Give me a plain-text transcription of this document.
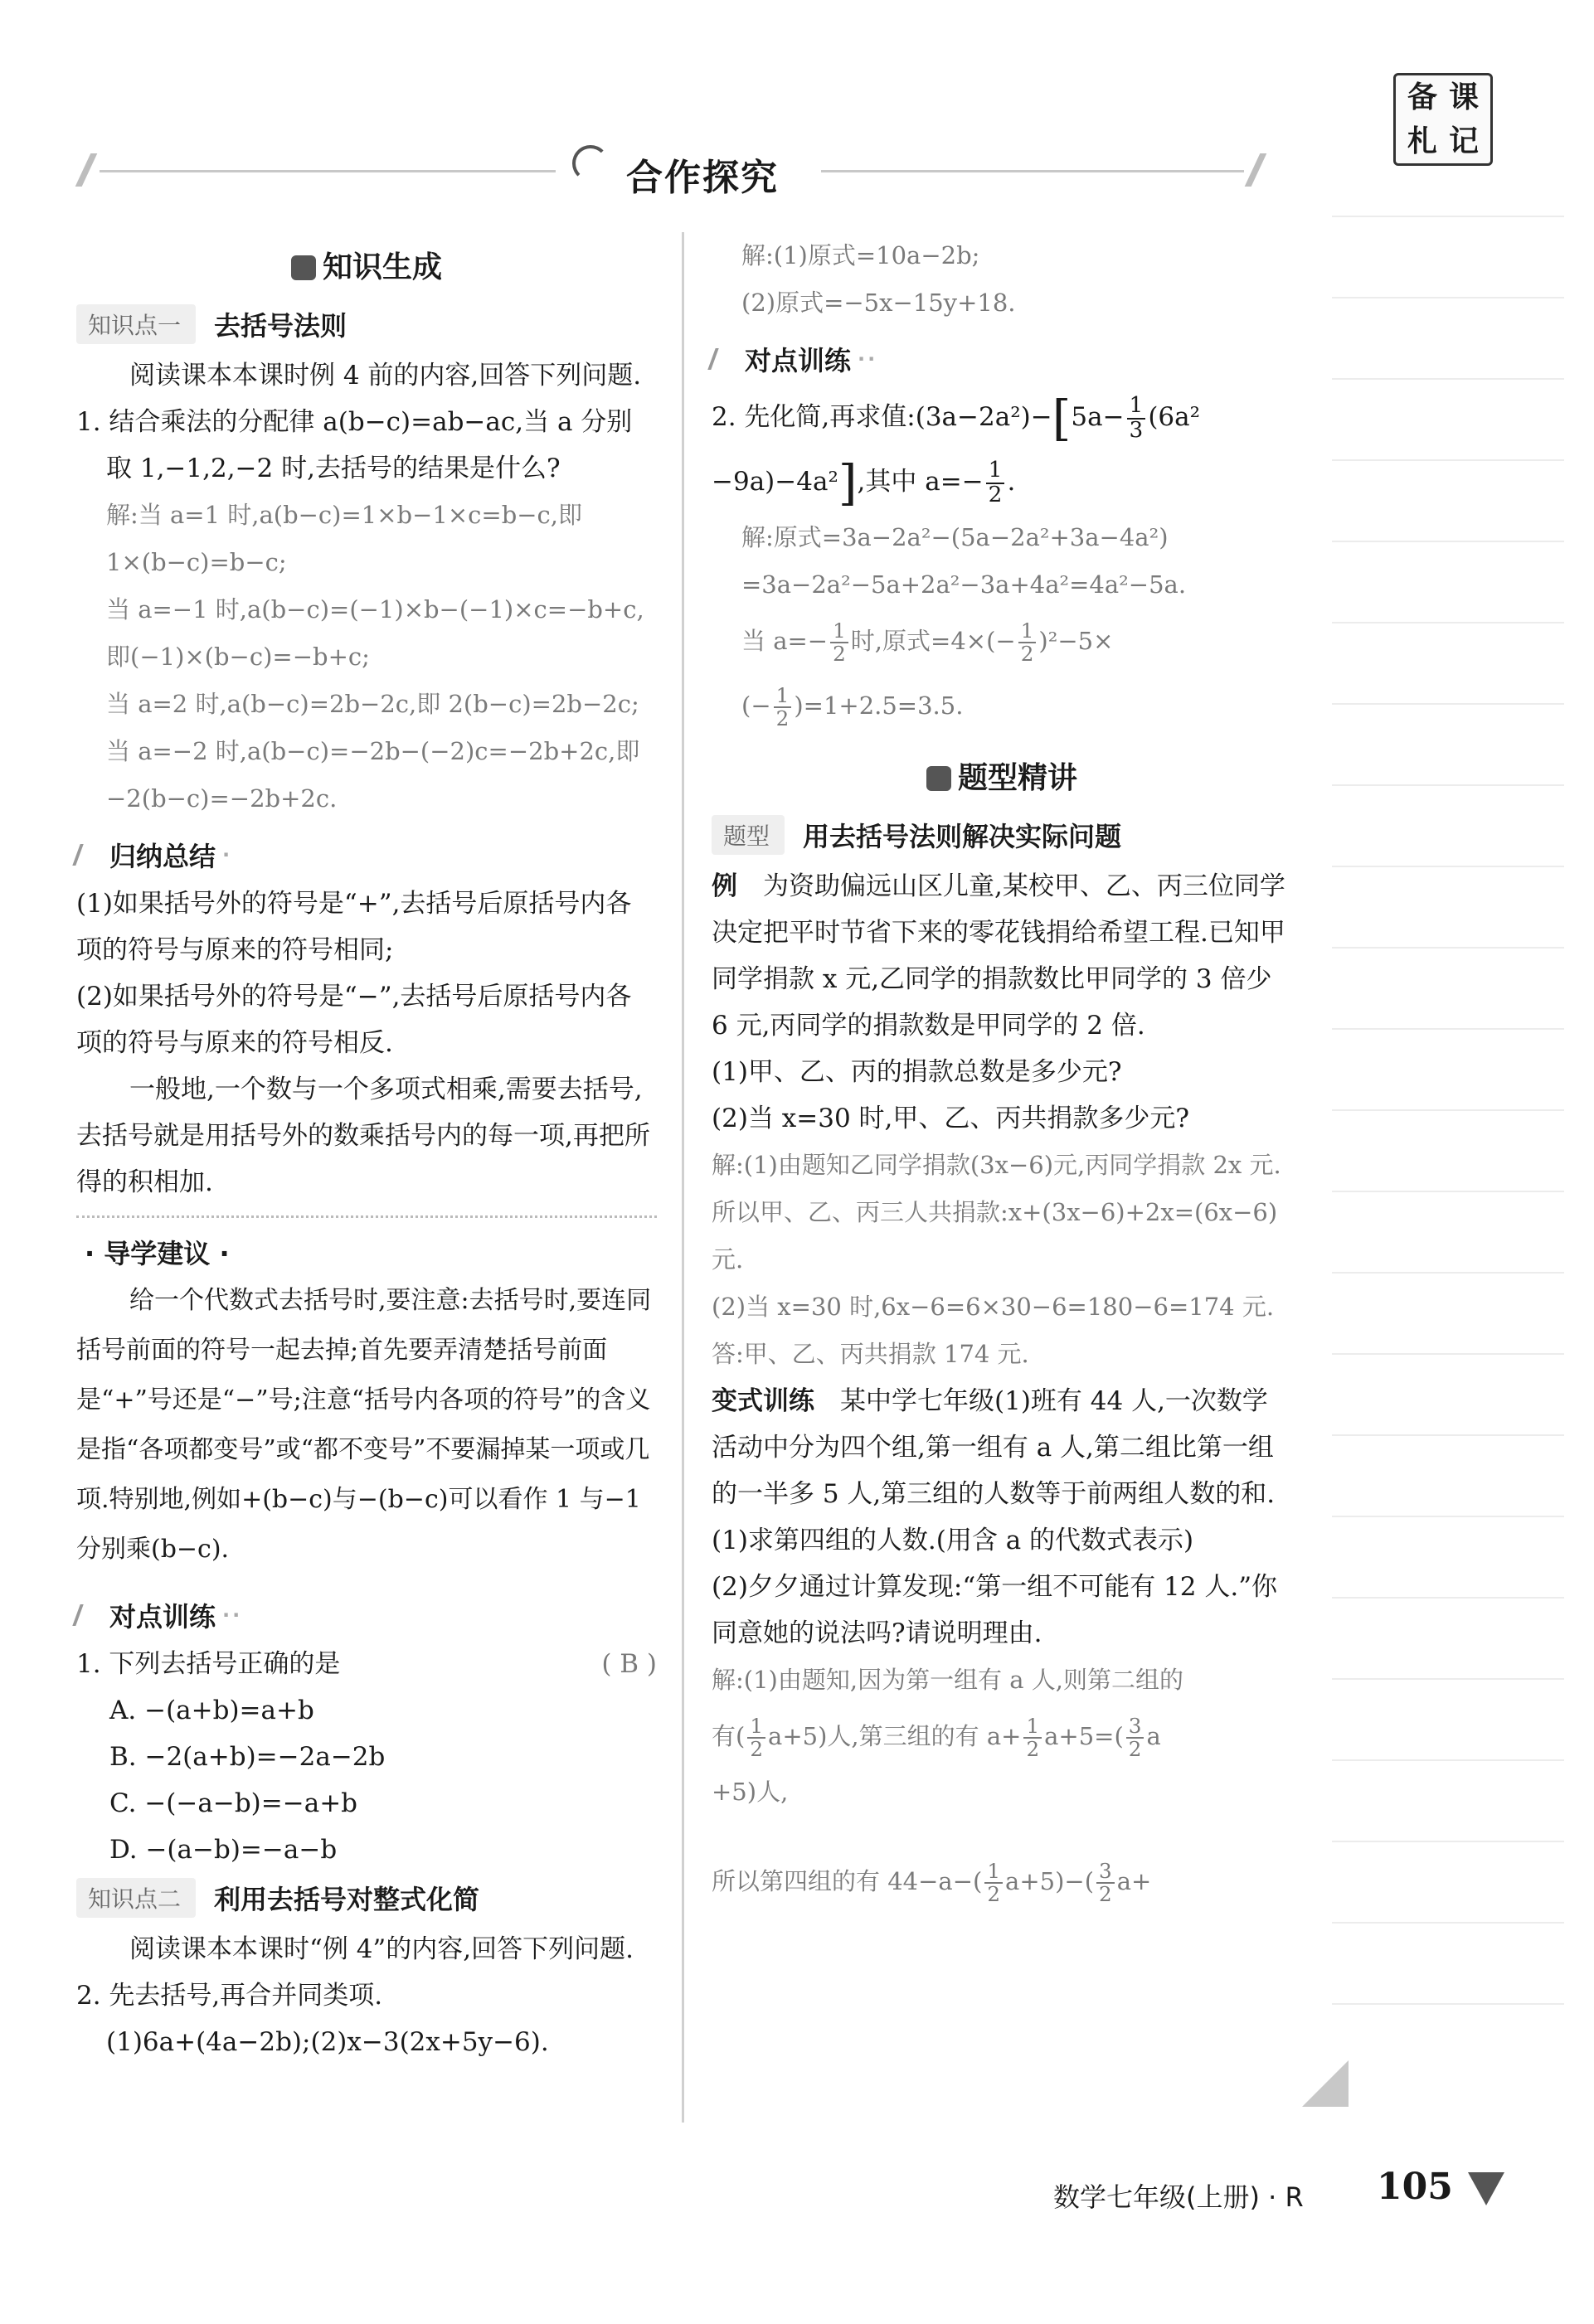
合作探究
备 课
札 记
知识生成
知识点一	去括号法则

阅读课本本课时例 4 前的内容,回答下列问题.

1. 结合乘法的分配律 a(b−c)=ab−ac,当 a 分别取 1,−1,2,−2 时,去括号的结果是什么?

解:当 a=1 时,a(b−c)=1×b−1×c=b−c,即 1×(b−c)=b−c;

当 a=−1 时,a(b−c)=(−1)×b−(−1)×c=−b+c,即(−1)×(b−c)=−b+c;

当 a=2 时,a(b−c)=2b−2c,即 2(b−c)=2b−2c;

当 a=−2 时,a(b−c)=−2b−(−2)c=−2b+2c,即−2(b−c)=−2b+2c.

归纳总结 ·

(1)如果括号外的符号是“+”,去括号后原括号内各项的符号与原来的符号相同;

(2)如果括号外的符号是“−”,去括号后原括号内各项的符号与原来的符号相反.

一般地,一个数与一个多项式相乘,需要去括号,去括号就是用括号外的数乘括号内的每一项,再把所得的积相加.

· 导学建议 ·

给一个代数式去括号时,要注意:去括号时,要连同括号前面的符号一起去掉;首先要弄清楚括号前面是“+”号还是“−”号;注意“括号内各项的符号”的含义是指“各项都变号”或“都不变号”不要漏掉某一项或几项.特别地,例如+(b−c)与−(b−c)可以看作 1 与−1 分别乘(b−c).

对点训练 ··
1. 下列去括号正确的是	( B )

A. −(a+b)=a+b

B. −2(a+b)=−2a−2b

C. −(−a−b)=−a+b

D. −(a−b)=−a−b

知识点二	利用去括号对整式化简

阅读课本本课时“例 4”的内容,回答下列问题.

2. 先去括号,再合并同类项.

(1)6a+(4a−2b);(2)x−3(2x+5y−6).

解:(1)原式=10a−2b;

(2)原式=−5x−15y+18.

对点训练 ··

2. 先化简,再求值:(3a−2a²)−[5a− $\frac{1}{3} (6a^2$

−9a)−4a²],其中 $a=- \frac{1}{2}$ .

解:原式=3a−2a²−(5a−2a²+3a−4a²)

=3a−2a²−5a+2a²−3a+4a²=4a²−5a.

当 $a=- \frac{1}{2}$ 时,原式$=4\times(- \frac{1}{2} )^2-5\times$

(− $\frac{1}{2} )=1+2.5=3.5$.

题型精讲
题型	用去括号法则解决实际问题

例　 为资助偏远山区儿童,某校甲、乙、丙三位同学决定把平时节省下来的零花钱捐给希望工程.已知甲同学捐款 x 元,乙同学的捐款数比甲同学的 3 倍少 6 元,丙同学的捐款数是甲同学的 2 倍.

(1)甲、乙、丙的捐款总数是多少元?

(2)当 x=30 时,甲、乙、丙共捐款多少元?

解:(1)由题知乙同学捐款(3x−6)元,丙同学捐款 2x 元.所以甲、乙、丙三人共捐款:x+(3x−6)+2x=(6x−6)元.

(2)当 x=30 时,6x−6=6×30−6=180−6=174 元.

答:甲、乙、丙共捐款 174 元.

变式训练　 某中学七年级(1)班有 44 人,一次数学活动中分为四个组,第一组有 a 人,第二组比第一组的一半多 5 人,第三组的人数等于前两组人数的和.

(1)求第四组的人数.(用含 a 的代数式表示)

(2)夕夕通过计算发现:“第一组不可能有 12 人.”你同意她的说法吗?请说明理由.

解:(1)由题知,因为第一组有 a 人,则第二组的

有( $\frac{1}{2} a+5$)人,第三组的有 $a+ \frac{1}{2} a+5=( \frac{3}{2}$ a

+5)人,

所以第四组的有 $44-a-( \frac{1}{2} a+5)-( \frac{3}{2} a+$

数学七年级(上册) · R 105
